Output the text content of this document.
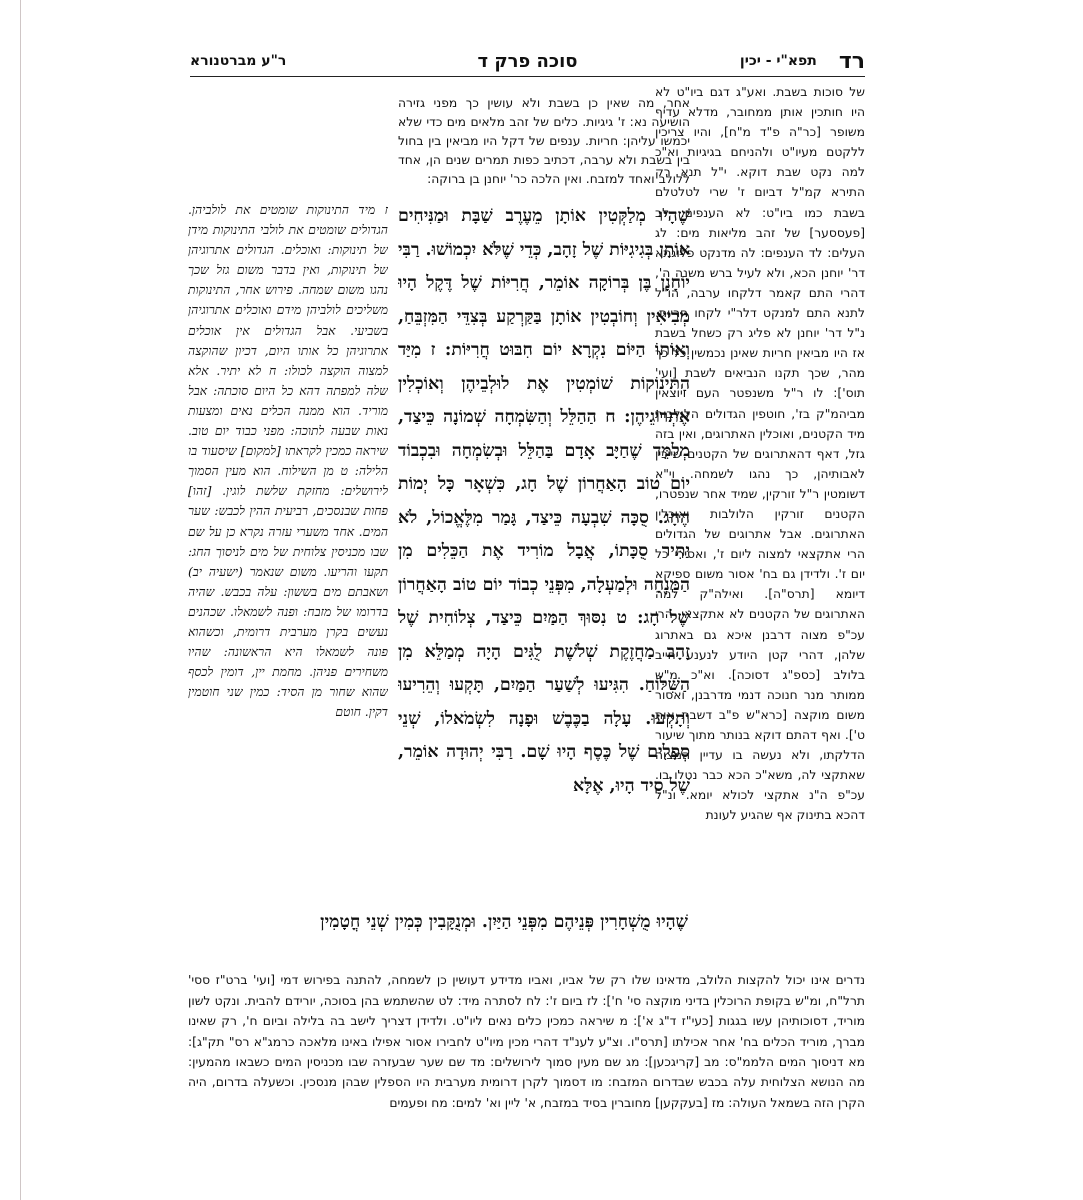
רד
תפא"י - יכין
סוכה פרק ד
ר"ע מברטנורא

של סוכות בשבת. ואע"ג דגם ביו"ט לא היו חותכין אותן ממחובר, מדלא עדיף משופר [כר"ה פ"ד מ"ח], והיו צריכין ללקטם מעיו"ט ולהניחם בגיגיות וא"כ למה נקט שבת דוקא. י"ל תנא רק התירא קמ"ל דביום ז' שרי לטלטלם בשבת כמו ביו"ט: לא הענפים: לב [פעססער] של זהב מליאות מים: לג העלים: לד הענפים: לה מדנקט פלוגתא דר' יוחנן הכא, ולא לעיל ברש משנה ה', דהרי התם קאמר דלקחו ערבה, הו"ל לתנא התם למנקט דלר"י לקחו חריות. נ"ל דר' יוחנן לא פליג רק כשחל בשבת אז היו מביאין חריות שאינן נכמשין כל כך מהר, שכך תקנו הנביאים לשבת [ועי' תוס']: לו ר"ל משנפטר העם ויוצאין מביהמ"ק בז', חוטפין הגדולים הלולבות מיד הקטנים, ואוכלין האתרוגים, ואין בזה גזל, דאף דהאתרוגים של הקטנים שייכין לאבותיהן, כך נהגו לשמחה. וי"א דשומטין ר"ל זורקין, שמיד אחר שנפטרו, הקטנים זורקין הלולבות ואוכלין האתרוגים. אבל אתרוגים של הגדולים הרי אתקצאי למצוה ליום ז', ואסירי כל יום ז'. ולדידן גם בח' אסור משום ספיקא דיומא [תרס"ה]. ואילה"ק למה האתרוגים של הקטנים לא אתקצאי, הרי עכ"פ מצוה דרבנן איכא גם באתרוג שלהן, דהרי קטן היודע לנענע חייב בלולב [כספ"ג דסוכה]. וא"כ מ"ש ממותר מנר חנוכה דנמי מדרבנן, ואסור משום מוקצה [כרא"ש פ"ב דשבת אות ט']. ואף דהתם דוקא בנותר מתוך שיעור הדלקתו, ולא נעשה בו עדיין המצוה שאתקצי לה, משא"כ הכא כבר נטלו בו. עכ"פ ה"נ אתקצי לכולא יומא. ונ"ל דהכא בתינוק אף שהגיע לעונת

אחר, מה שאין כן בשבת ולא עושין כך מפני גזירה הושיעה נא: ז' גיגיות. כלים של זהב מלאים מים כדי שלא יכמשו עליהן: חריות. ענפים של דקל היו מביאין בין בחול בין בשבת ולא ערבה, דכתיב כפות תמרים שנים הן, אחד ללולב ואחד למזבח. ואין הלכה כר' יוחנן בן ברוקה:

שֶׁהָיוּ מְלַקְּטִין אוֹתָן מֵעֶרֶב שַׁבָּת וּמַנִּיחִים אוֹתָן בְּגִיגִיּוֹת שֶׁל זָהָב, כְּדֵי שֶׁלֹּא יִכְמוֹשׁוּ. רַבִּי יוֹחָנָן בֶּן בְּרוֹקָה אוֹמֵר, חֲרִיּוֹת שֶׁל דֶּקֶל הָיוּ מְבִיאִין וְחוֹבְטִין אוֹתָן בַּקַּרְקַע בְּצִדֵּי הַמִּזְבֵּחַ, וְאוֹתוֹ הַיּוֹם נִקְרָא יוֹם חִבּוּט חֲרִיּוֹת: ז מִיַּד הַתִּינוֹקוֹת שׁוֹמְטִין אֶת לוּלְבֵיהֶן וְאוֹכְלִין אֶתְרוֹגֵיהֶן: ח הַהַלֵּל וְהַשִּׂמְחָה שְׁמוֹנָה כֵּיצַד, מְלַמֵּד שֶׁחַיָּב אָדָם בַּהַלֵּל וּבְשִׂמְחָה וּבִכְבוֹד יוֹם טוֹב הָאַחֲרוֹן שֶׁל חָג, כִּשְׁאָר כָּל יְמוֹת הֶחָג. סֻכָּה שִׁבְעָה כֵּיצַד, גָּמַר מִלֶּאֱכוֹל, לֹא יַתִּיר סֻכָּתוֹ, אֲבָל מוֹרִיד אֶת הַכֵּלִים מִן הַמִּנְחָה וּלְמַעְלָה, מִפְּנֵי כְבוֹד יוֹם טוֹב הָאַחֲרוֹן שֶׁל חָג: ט נִסּוּךְ הַמַּיִם כֵּיצַד, צְלוֹחִית שֶׁל זָהָב מַחֲזֶקֶת שְׁלֹשֶׁת לֻגִּים הָיָה מְמַלֵּא מִן הַשִּׁלּוֹחַ. הִגִּיעוּ לְשַׁעַר הַמַּיִם, תָּקְעוּ וְהֵרִיעוּ וְתָקְעוּ. עָלָה בַכֶּבֶשׁ וּפָנָה לִשְׂמֹאלוֹ, שְׁנֵי סְפָלִים שֶׁל כֶּסֶף הָיוּ שָׁם. רַבִּי יְהוּדָה אוֹמֵר, שֶׁל סִיד הָיוּ, אֶלָּא

ז מיד התינוקות שומטים את לולביהן. הגדולים שומטים את לולבי התינוקות מידן של תינוקות: ואוכלים. הגדולים אתרוגיהן של תינוקות, ואין בדבר משום גזל שכך נהגו משום שמחה. פירוש אחר, התינוקות משליכים לולביהן מידם ואוכלים אתרוגיהן בשביעי. אבל הגדולים אין אוכלים אתרוגיהן כל אותו היום, דכיון שהוקצה למצוה הוקצה לכולו: ח לא יתיר. אלא שלה למפתה דהא כל היום סוכתה: אבל מוריד. הוא ממנה הכלים נאים ומצעות נאות שבעה לתוכה: מפני כבוד יום טוב. שיראה כמכין לקראתו [למקום] שיסעוד בו הלילה: ט מן השילוח. הוא מעין הסמוך לירושלים: מחזקת שלשת לוגין. [זהו] פחות שבנסכים, רביעית ההין לכבש: שער המים. אחד משערי עזרה נקרא כן על שם שבו מכניסין צלוחית של מים לניסוך החג: תקעו והריעו. משום שנאמר (ישעיה יב) ושאבתם מים בששון: עלה בכבש. שהיה בדרומו של מזבח: ופנה לשמאלו. שכהנים נעשים בקרן מערבית דרומית, וכשהוא פונה לשמאלו היא הראשונה: שהיו משחירים פניהן. מחמת יין, דומין לכסף שהוא שחור מן הסיד: כמין שני חוטמין דקין. חוטם

שֶׁהָיוּ מֻשְׁחָרִין פְּנֵיהֶם מִפְּנֵי הַיַּיִן. וּמְנֻקָּבִין כְּמִין שְׁנֵי חֳטָמִין

נדרים אינו יכול להקצות הלולב, מדאינו שלו רק של אביו, ואביו מדידע דעושין כן לשמחה, להתנה בפירוש דמי [ועי' ברט"ז ססי' תרל"ח, ומ"ש בקופת הרוכלין בדיני מוקצה סי' ח']: לז ביום ז': לח לסתרה מיד: לט שהשתמש בהן בסוכה, יורידם להבית. ונקט לשון מוריד, דסוכותיהן עשו בגגות [כעי"ז ד"ג א']: מ שיראה כמכין כלים נאים ליו"ט. ולדידן דצריך לישב בה בלילה וביום ח', רק שאינו מברך, מוריד הכלים בח' אחר אכילתו [תרס"ו. וצ"ע לענ"ד דהרי מכין מיו"ט לחבירו אסור אפילו באינו מלאכה כרמג"א רס" תק"ג]: מא דניסוך המים הלממ"ס: מב [קריגכען]: מג שם מעין סמוך לירושלים: מד שם שער שבעזרה שבו מכניסין המים כשבאו מהמעין: מה הנושא הצלוחית עלה בכבש שבדרום המזבח: מו דסמוך לקרן דרומית מערבית היו הספלין שבהן מנסכין. וכשעלה בדרום, היה הקרן הזה בשמאל העולה: מז [בעקקען] מחוברין בסיד במזבח, א' ליין וא' למים: מח ופעמים
